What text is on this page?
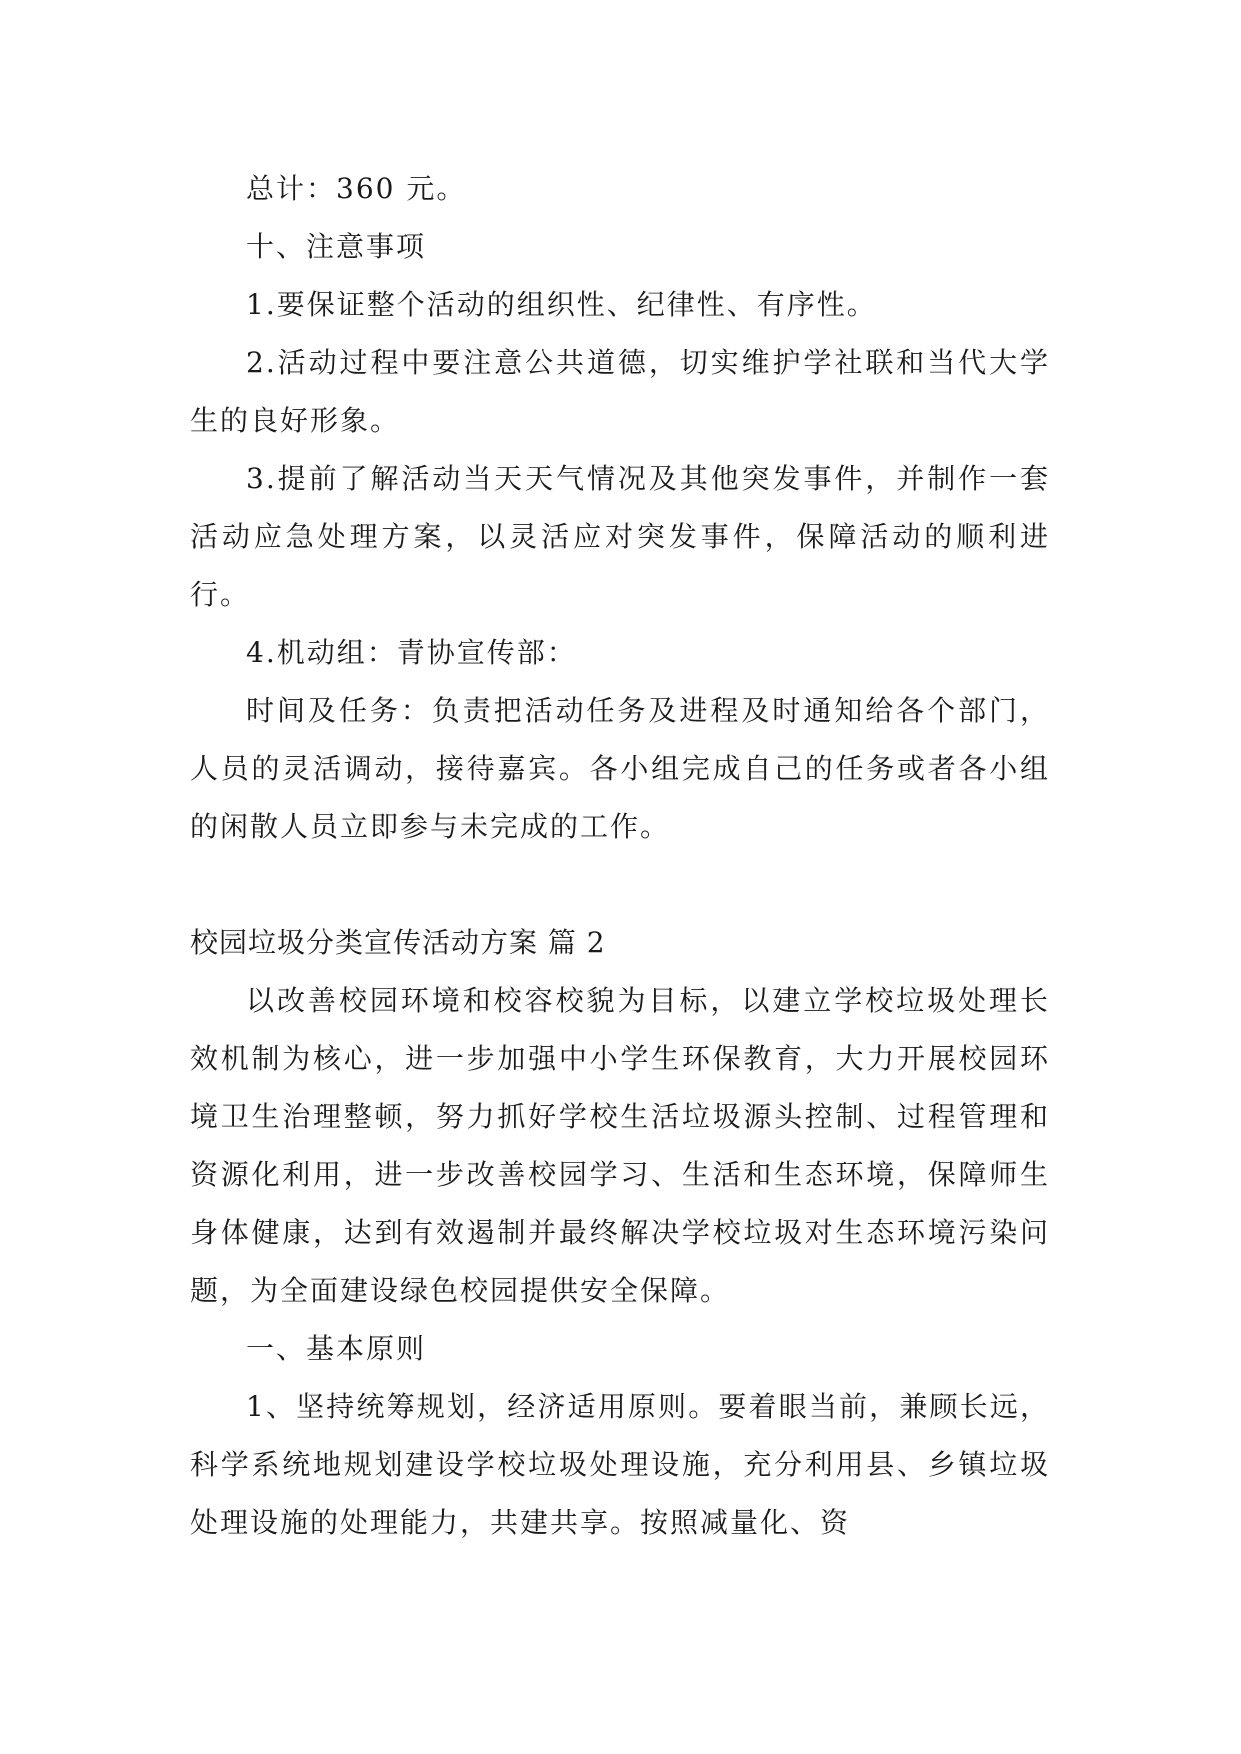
总计：360 元。

十、注意事项

1.要保证整个活动的组织性、纪律性、有序性。

2.活动过程中要注意公共道德，切实维护学社联和当代大学生的良好形象。

3.提前了解活动当天天气情况及其他突发事件，并制作一套活动应急处理方案，以灵活应对突发事件，保障活动的顺利进行。

4.机动组：青协宣传部：

时间及任务：负责把活动任务及进程及时通知给各个部门，人员的灵活调动，接待嘉宾。各小组完成自己的任务或者各小组的闲散人员立即参与未完成的工作。

校园垃圾分类宣传活动方案 篇 2

以改善校园环境和校容校貌为目标，以建立学校垃圾处理长效机制为核心，进一步加强中小学生环保教育，大力开展校园环境卫生治理整顿，努力抓好学校生活垃圾源头控制、过程管理和资源化利用，进一步改善校园学习、生活和生态环境，保障师生身体健康，达到有效遏制并最终解决学校垃圾对生态环境污染问题，为全面建设绿色校园提供安全保障。

一、基本原则

1、坚持统筹规划，经济适用原则。要着眼当前，兼顾长远，科学系统地规划建设学校垃圾处理设施，充分利用县、乡镇垃圾处理设施的处理能力，共建共享。按照减量化、资
